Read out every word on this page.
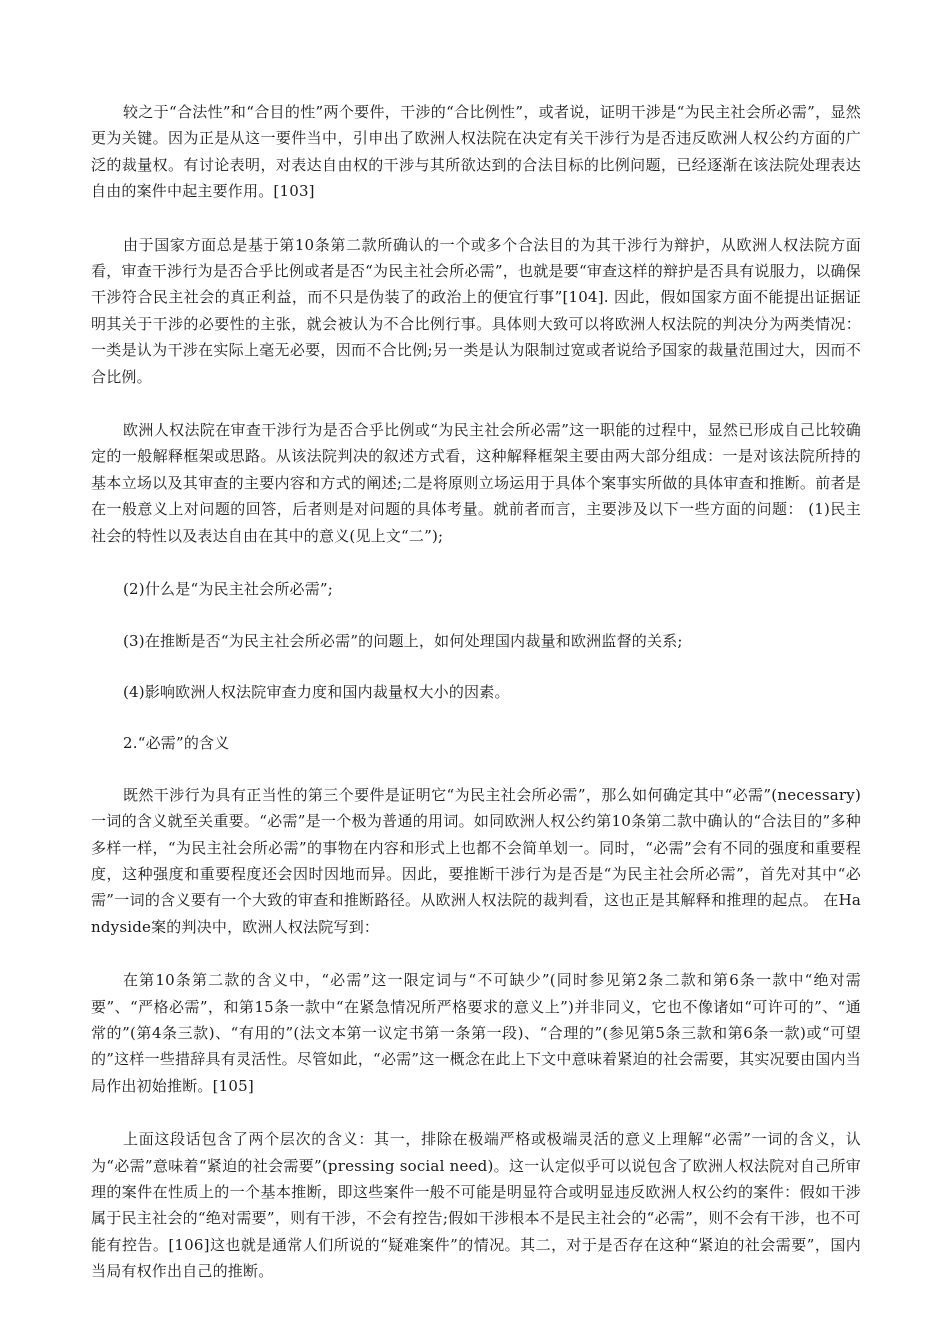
较之于“合法性”和“合目的性”两个要件，干涉的“合比例性”，或者说，证明干涉是“为民主社会所必需”，显然更为关键。因为正是从这一要件当中，引申出了欧洲人权法院在决定有关干涉行为是否违反欧洲人权公约方面的广泛的裁量权。有讨论表明，对表达自由权的干涉与其所欲达到的合法目标的比例问题，已经逐渐在该法院处理表达自由的案件中起主要作用。[103]

由于国家方面总是基于第10条第二款所确认的一个或多个合法目的为其干涉行为辩护，从欧洲人权法院方面看，审查干涉行为是否合乎比例或者是否“为民主社会所必需”，也就是要“审查这样的辩护是否具有说服力，以确保干涉符合民主社会的真正利益，而不只是伪装了的政治上的便宜行事”[104]. 因此，假如国家方面不能提出证据证明其关于干涉的必要性的主张，就会被认为不合比例行事。具体则大致可以将欧洲人权法院的判决分为两类情况：一类是认为干涉在实际上毫无必要，因而不合比例;另一类是认为限制过宽或者说给予国家的裁量范围过大，因而不合比例。

欧洲人权法院在审查干涉行为是否合乎比例或“为民主社会所必需”这一职能的过程中，显然已形成自己比较确定的一般解释框架或思路。从该法院判决的叙述方式看，这种解释框架主要由两大部分组成：一是对该法院所持的基本立场以及其审查的主要内容和方式的阐述;二是将原则立场运用于具体个案事实所做的具体审查和推断。前者是在一般意义上对问题的回答，后者则是对问题的具体考量。就前者而言，主要涉及以下一些方面的问题： (1)民主社会的特性以及表达自由在其中的意义(见上文“二”);

(2)什么是“为民主社会所必需”;

(3)在推断是否“为民主社会所必需”的问题上，如何处理国内裁量和欧洲监督的关系;

(4)影响欧洲人权法院审查力度和国内裁量权大小的因素。

2.“必需”的含义

既然干涉行为具有正当性的第三个要件是证明它“为民主社会所必需”，那么如何确定其中“必需”(necessary)一词的含义就至关重要。“必需”是一个极为普通的用词。如同欧洲人权公约第10条第二款中确认的“合法目的”多种多样一样，“为民主社会所必需”的事物在内容和形式上也都不会简单划一。同时，“必需”会有不同的强度和重要程度，这种强度和重要程度还会因时因地而异。因此，要推断干涉行为是否是“为民主社会所必需”，首先对其中“必需”一词的含义要有一个大致的审查和推断路径。从欧洲人权法院的裁判看，这也正是其解释和推理的起点。 在Handyside案的判决中，欧洲人权法院写到：

在第10条第二款的含义中，“必需”这一限定词与“不可缺少”(同时参见第2条二款和第6条一款中“绝对需要”、“严格必需”，和第15条一款中“在紧急情况所严格要求的意义上”)并非同义，它也不像诸如“可许可的”、“通常的”(第4条三款)、“有用的”(法文本第一议定书第一条第一段)、“合理的”(参见第5条三款和第6条一款)或“可望的”这样一些措辞具有灵活性。尽管如此，“必需”这一概念在此上下文中意味着紧迫的社会需要，其实况要由国内当局作出初始推断。[105]

上面这段话包含了两个层次的含义：其一，排除在极端严格或极端灵活的意义上理解“必需”一词的含义，认为“必需”意味着“紧迫的社会需要”(pressing social need)。这一认定似乎可以说包含了欧洲人权法院对自己所审理的案件在性质上的一个基本推断，即这些案件一般不可能是明显符合或明显违反欧洲人权公约的案件：假如干涉属于民主社会的“绝对需要”，则有干涉，不会有控告;假如干涉根本不是民主社会的“必需”，则不会有干涉，也不可能有控告。[106]这也就是通常人们所说的“疑难案件”的情况。其二，对于是否存在这种“紧迫的社会需要”，国内当局有权作出自己的推断。
